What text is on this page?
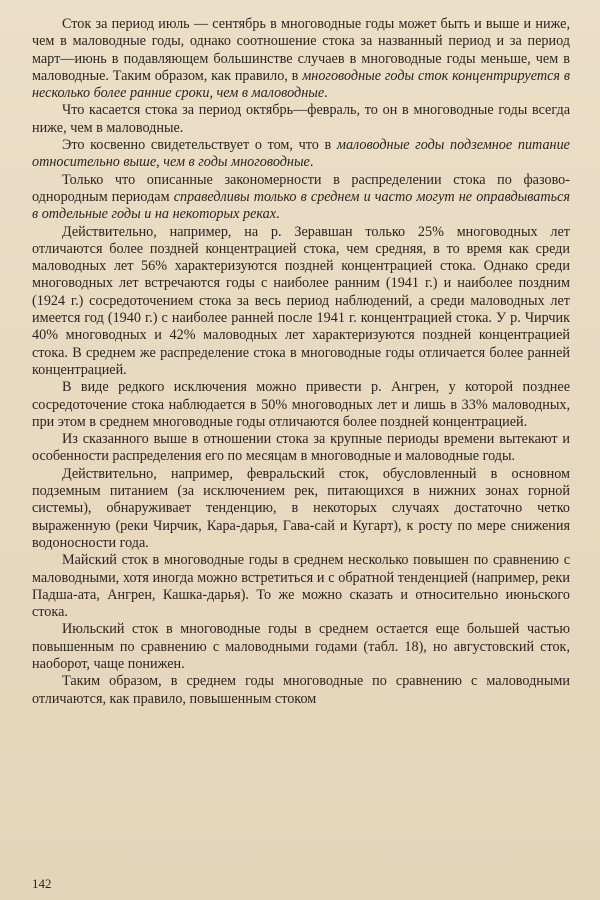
Сток за период июль — сентябрь в многоводные годы может быть и выше и ниже, чем в маловодные годы, однако соотношение стока за названный период и за период март—июнь в подавляющем большинстве случаев в многоводные годы меньше, чем в маловодные. Таким образом, как правило, в многоводные годы сток концентрируется в несколько более ранние сроки, чем в маловодные.

Что касается стока за период октябрь—февраль, то он в многоводные годы всегда ниже, чем в маловодные.

Это косвенно свидетельствует о том, что в маловодные годы подземное питание относительно выше, чем в годы многоводные.

Только что описанные закономерности в распределении стока по фазово-однородным периодам справедливы только в среднем и часто могут не оправдываться в отдельные годы и на некоторых реках.

Действительно, например, на р. Зеравшан только 25% многоводных лет отличаются более поздней концентрацией стока, чем средняя, в то время как среди маловодных лет 56% характеризуются поздней концентрацией стока. Однако среди многоводных лет встречаются годы с наиболее ранним (1941 г.) и наиболее поздним (1924 г.) сосредоточением стока за весь период наблюдений, а среди маловодных лет имеется год (1940 г.) с наиболее ранней после 1941 г. концентрацией стока. У р. Чирчик 40% многоводных и 42% маловодных лет характеризуются поздней концентрацией стока. В среднем же распределение стока в многоводные годы отличается более ранней концентрацией.

В виде редкого исключения можно привести р. Ангрен, у которой позднее сосредоточение стока наблюдается в 50% многоводных лет и лишь в 33% маловодных, при этом в среднем многоводные годы отличаются более поздней концентрацией.

Из сказанного выше в отношении стока за крупные периоды времени вытекают и особенности распределения его по месяцам в многоводные и маловодные годы.

Действительно, например, февральский сток, обусловленный в основном подземным питанием (за исключением рек, питающихся в нижних зонах горной системы), обнаруживает тенденцию, в некоторых случаях достаточно четко выраженную (реки Чирчик, Кара-дарья, Гава-сай и Кугарт), к росту по мере снижения водоносности года.

Майский сток в многоводные годы в среднем несколько повышен по сравнению с маловодными, хотя иногда можно встретиться и с обратной тенденцией (например, реки Падша-ата, Ангрен, Кашка-дарья). То же можно сказать и относительно июньского стока.

Июльский сток в многоводные годы в среднем остается еще большей частью повышенным по сравнению с маловодными годами (табл. 18), но августовский сток, наоборот, чаще понижен.

Таким образом, в среднем годы многоводные по сравнению с маловодными отличаются, как правило, повышенным стоком

142
